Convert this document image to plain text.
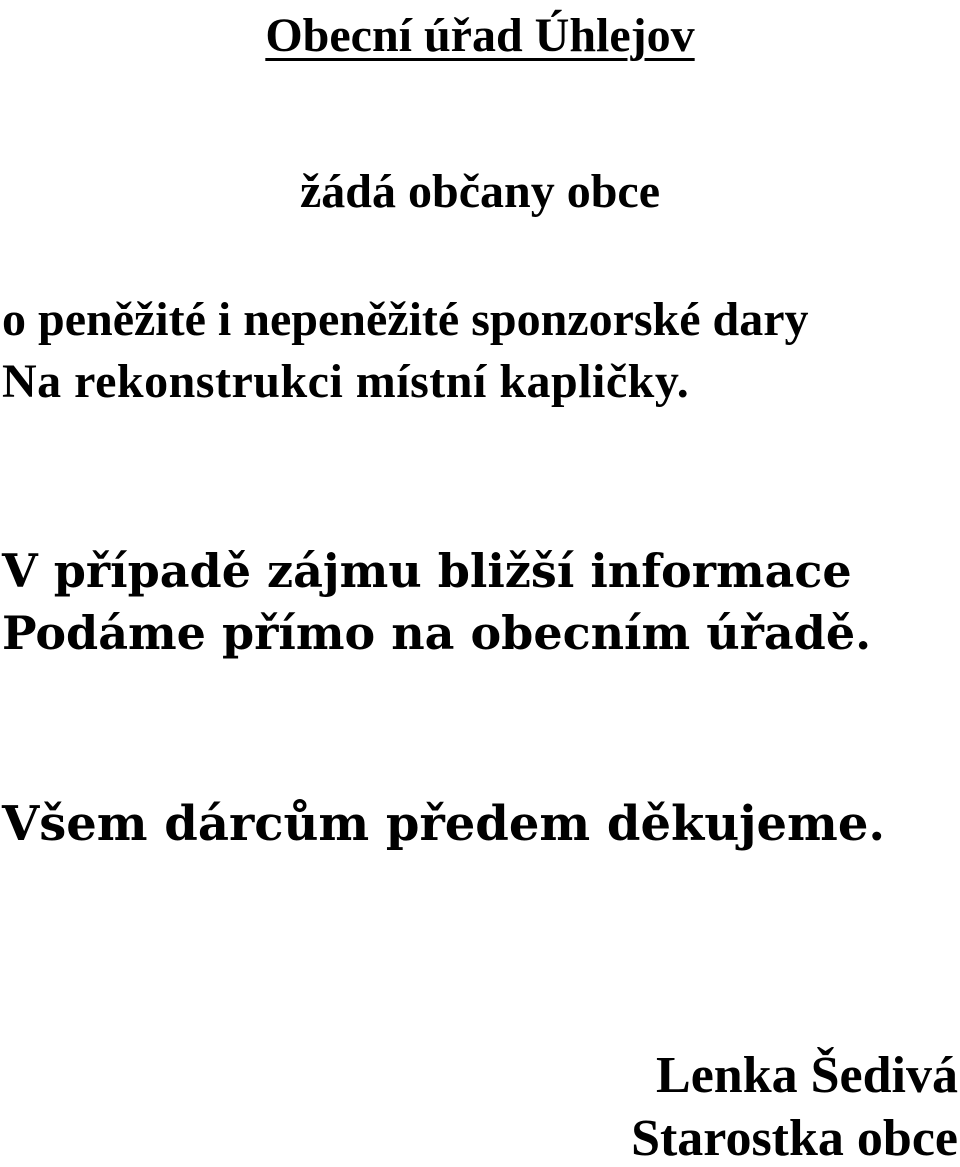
Obecní úřad Úhlejov

žádá občany obce

o peněžité i nepeněžité sponzorské dary

Na rekonstrukci místní kapličky.

V případě zájmu bližší informace

Podáme přímo na obecním úřadě.

Všem dárcům předem děkujeme.

Lenka Šedivá

Starostka obce
